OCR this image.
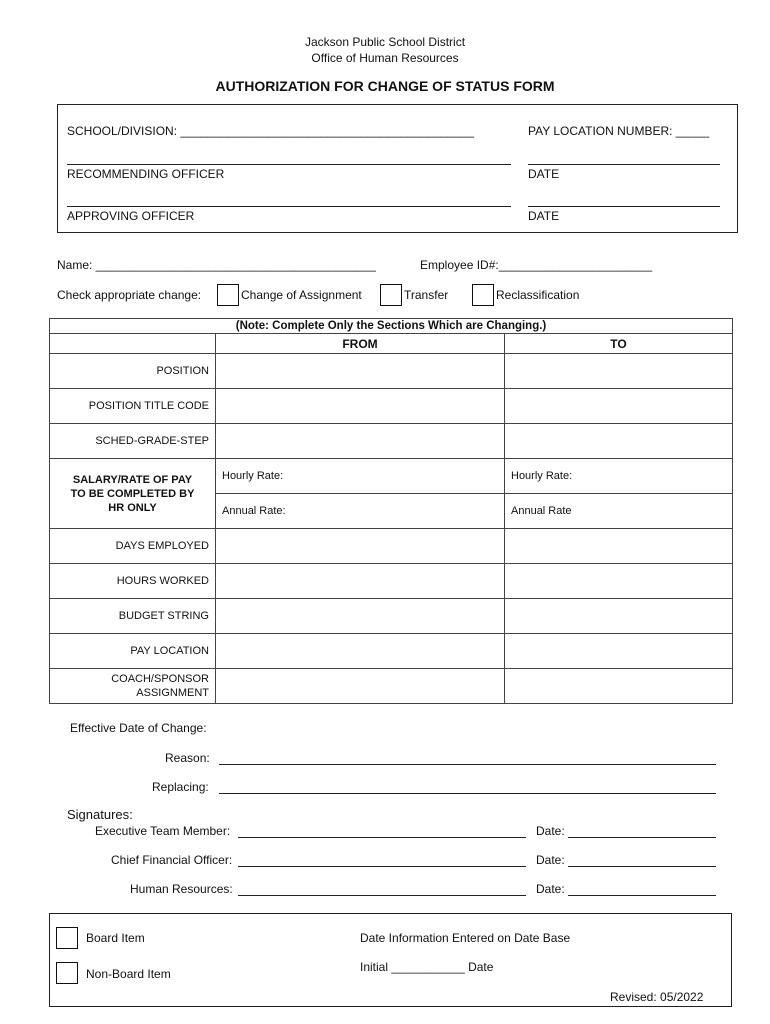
Jackson Public School District
Office of Human Resources
AUTHORIZATION FOR CHANGE OF STATUS FORM
SCHOOL/DIVISION: ____________________________________________	PAY LOCATION NUMBER: _____
RECOMMENDING OFFICER	DATE
APPROVING OFFICER	DATE
Name: __________________________________________	Employee ID#:_______________________
Check appropriate change:	Change of Assignment	Transfer	Reclassification
(Note: Complete Only the Sections Which are Changing.)		
	FROM	TO
POSITION		
POSITION TITLE CODE		
SCHED-GRADE-STEP		

SALARY/RATE OF PAY
TO BE COMPLETED BY
HR ONLY	Hourly Rate:	Hourly Rate:
	Annual Rate:	Annual Rate
DAYS EMPLOYED		
HOURS WORKED		
BUDGET STRING		
PAY LOCATION		

COACH/SPONSOR
ASSIGNMENT		

Effective Date of Change:
Reason:
Replacing:
Signatures:
Executive Team Member:	Date:
Chief Financial Officer:	Date:
Human Resources:	Date:
Board Item
Non-Board Item
Date Information Entered on Date Base
Initial ___________ Date
Revised: 05/2022
